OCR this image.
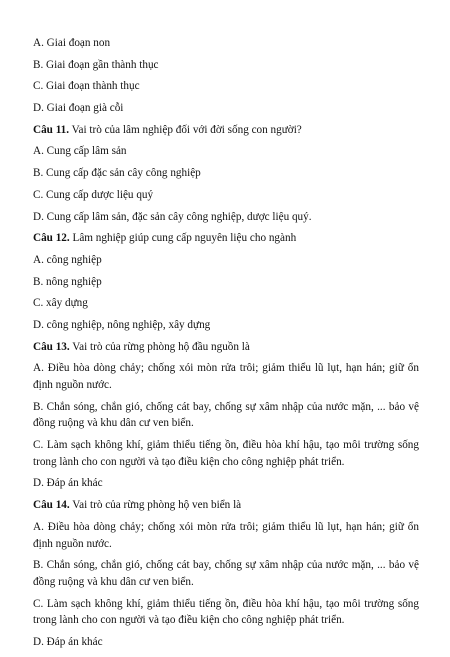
A. Giai đoạn non
B. Giai đoạn gần thành thục
C. Giai đoạn thành thục
D. Giai đoạn già cỗi
Câu 11. Vai trò của lâm nghiệp đối với đời sống con người?
A. Cung cấp lâm sản
B. Cung cấp đặc sản cây công nghiệp
C. Cung cấp dược liệu quý
D. Cung cấp lâm sản, đặc sản cây công nghiệp, dược liệu quý.
Câu 12. Lâm nghiệp giúp cung cấp nguyên liệu cho ngành
A. công nghiệp
B. nông nghiệp
C. xây dựng
D. công nghiệp, nông nghiệp, xây dựng
Câu 13. Vai trò của rừng phòng hộ đầu nguồn là
A. Điều hòa dòng chảy; chống xói mòn rửa trôi; giảm thiểu lũ lụt, hạn hán; giữ ổn
định nguồn nước.
B. Chắn sóng, chắn gió, chống cát bay, chống sự xâm nhập của nước mặn, ... bảo vệ
đồng ruộng và khu dân cư ven biển.
C. Làm sạch không khí, giảm thiểu tiếng ồn, điều hòa khí hậu, tạo môi trường sống
trong lành cho con người và tạo điều kiện cho công nghiệp phát triển.
D. Đáp án khác
Câu 14. Vai trò của rừng phòng hộ ven biển là
A. Điều hòa dòng chảy; chống xói mòn rửa trôi; giảm thiểu lũ lụt, hạn hán; giữ ổn
định nguồn nước.
B. Chắn sóng, chắn gió, chống cát bay, chống sự xâm nhập của nước mặn, ... bảo vệ
đồng ruộng và khu dân cư ven biển.
C. Làm sạch không khí, giảm thiểu tiếng ồn, điều hòa khí hậu, tạo môi trường sống
trong lành cho con người và tạo điều kiện cho công nghiệp phát triển.
D. Đáp án khác
